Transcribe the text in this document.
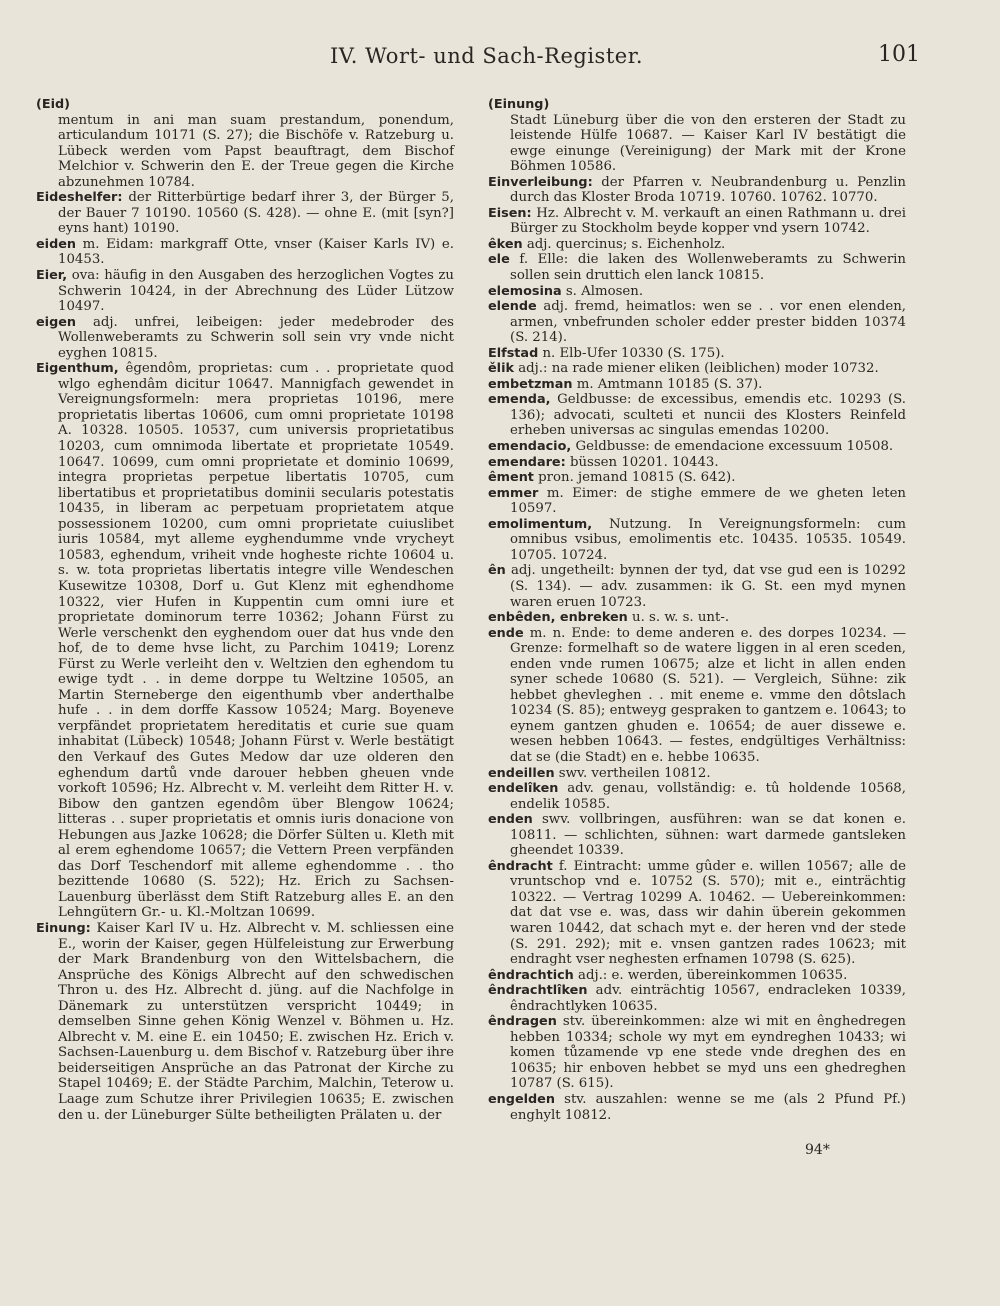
IV. Wort- und Sach-Register.	101
(Eid)

mentum in ani man suam prestandum, ponendum, articulandum 10171 (S. 27); die Bischöfe v. Ratzeburg u. Lübeck werden vom Papst beauftragt, dem Bischof Melchior v. Schwerin den E. der Treue gegen die Kirche abzunehmen 10784.

Eideshelfer: der Ritterbürtige bedarf ihrer 3, der Bürger 5, der Bauer 7 10190. 10560 (S. 428). — ohne E. (mit [syn?] eyns hant) 10190.

eiden m. Eidam: markgraff Otte, vnser (Kaiser Karls IV) e. 10453.

Eier, ova: häufig in den Ausgaben des herzoglichen Vogtes zu Schwerin 10424, in der Abrechnung des Lüder Lützow 10497.

eigen adj. unfrei, leibeigen: jeder medebroder des Wollenweberamts zu Schwerin soll sein vry vnde nicht eyghen 10815.

Eigenthum, êgendôm, proprietas: cum . . proprietate quod wlgo eghendâm dicitur 10647. Mannigfach gewendet in Vereignungsformeln: mera proprietas 10196, mere proprietatis libertas 10606, cum omni proprietate 10198 A. 10328. 10505. 10537, cum universis proprietatibus 10203, cum omnimoda libertate et proprietate 10549. 10647. 10699, cum omni proprietate et dominio 10699, integra proprietas perpetue libertatis 10705, cum libertatibus et proprietatibus dominii secularis potestatis 10435, in liberam ac perpetuam proprietatem atque possessionem 10200, cum omni proprietate cuiuslibet iuris 10584, myt alleme eyghendumme vnde vrycheyt 10583, eghendum, vriheit vnde hogheste richte 10604 u. s. w. tota proprietas libertatis integre ville Wendeschen Kusewitze 10308, Dorf u. Gut Klenz mit eghendhome 10322, vier Hufen in Kuppentin cum omni iure et proprietate dominorum terre 10362; Johann Fürst zu Werle verschenkt den eyghendom ouer dat hus vnde den hof, de to deme hvse licht, zu Parchim 10419; Lorenz Fürst zu Werle verleiht den v. Weltzien den eghendom tu ewige tydt . . in deme dorppe tu Weltzine 10505, an Martin Sterneberge den eigenthumb vber anderthalbe hufe . . in dem dorffe Kassow 10524; Marg. Boyeneve verpfändet proprietatem hereditatis et curie sue quam inhabitat (Lübeck) 10548; Johann Fürst v. Werle bestätigt den Verkauf des Gutes Medow dar uze olderen den eghendum dartů vnde darouer hebben gheuen vnde vorkoft 10596; Hz. Albrecht v. M. verleiht dem Ritter H. v. Bibow den gantzen egendôm über Blengow 10624; litteras . . super proprietatis et omnis iuris donacione von Hebungen aus Jazke 10628; die Dörfer Sülten u. Kleth mit al erem eghendome 10657; die Vettern Preen verpfänden das Dorf Teschendorf mit alleme eghendomme . . tho bezittende 10680 (S. 522); Hz. Erich zu Sachsen-Lauenburg überlässt dem Stift Ratzeburg alles E. an den Lehngütern Gr.- u. Kl.-Moltzan 10699.

Einung: Kaiser Karl IV u. Hz. Albrecht v. M. schliessen eine E., worin der Kaiser, gegen Hülfeleistung zur Erwerbung der Mark Brandenburg von den Wittelsbachern, die Ansprüche des Königs Albrecht auf den schwedischen Thron u. des Hz. Albrecht d. jüng. auf die Nachfolge in Dänemark zu unterstützen verspricht 10449; in demselben Sinne gehen König Wenzel v. Böhmen u. Hz. Albrecht v. M. eine E. ein 10450; E. zwischen Hz. Erich v. Sachsen-Lauenburg u. dem Bischof v. Ratzeburg über ihre beiderseitigen Ansprüche an das Patronat der Kirche zu Stapel 10469; E. der Städte Parchim, Malchin, Teterow u. Laage zum Schutze ihrer Privilegien 10635; E. zwischen den u. der Lüneburger Sülte betheiligten Prälaten u. der

(Einung)

Stadt Lüneburg über die von den ersteren der Stadt zu leistende Hülfe 10687. — Kaiser Karl IV bestätigt die ewge einunge (Vereinigung) der Mark mit der Krone Böhmen 10586.

Einverleibung: der Pfarren v. Neubrandenburg u. Penzlin durch das Kloster Broda 10719. 10760. 10762. 10770.

Eisen: Hz. Albrecht v. M. verkauft an einen Rathmann u. drei Bürger zu Stockholm beyde kopper vnd ysern 10742.

êken adj. quercinus; s. Eichenholz.

ele f. Elle: die laken des Wollenweberamts zu Schwerin sollen sein druttich elen lanck 10815.

elemosina s. Almosen.

elende adj. fremd, heimatlos: wen se . . vor enen elenden, armen, vnbefrunden scholer edder prester bidden 10374 (S. 214).

Elfstad n. Elb-Ufer 10330 (S. 175).

ělik adj.: na rade miener eliken (leiblichen) moder 10732.

embetzman m. Amtmann 10185 (S. 37).

emenda, Geldbusse: de excessibus, emendis etc. 10293 (S. 136); advocati, sculteti et nuncii des Klosters Reinfeld erheben universas ac singulas emendas 10200.

emendacio, Geldbusse: de emendacione excessuum 10508.

emendare: büssen 10201. 10443.

êment pron. jemand 10815 (S. 642).

emmer m. Eimer: de stighe emmere de we gheten leten 10597.

emolimentum, Nutzung. In Vereignungsformeln: cum omnibus vsibus, emolimentis etc. 10435. 10535. 10549. 10705. 10724.

ên adj. ungetheilt: bynnen der tyd, dat vse gud een is 10292 (S. 134). — adv. zusammen: ik G. St. een myd mynen waren eruen 10723.

enbêden, enbreken u. s. w. s. unt-.

ende m. n. Ende: to deme anderen e. des dorpes 10234. — Grenze: formelhaft so de watere liggen in al eren sceden, enden vnde rumen 10675; alze et licht in allen enden syner schede 10680 (S. 521). — Vergleich, Sühne: zik hebbet ghevleghen . . mit eneme e. vmme den dôtslach 10234 (S. 85); entweyg gespraken to gantzem e. 10643; to eynem gantzen ghuden e. 10654; de auer dissewe e. wesen hebben 10643. — festes, endgültiges Verhältniss: dat se (die Stadt) en e. hebbe 10635.

endeillen swv. vertheilen 10812.

endelîken adv. genau, vollständig: e. tû holdende 10568, endelik 10585.

enden swv. vollbringen, ausführen: wan se dat konen e. 10811. — schlichten, sühnen: wart darmede gantsleken gheendet 10339.

êndracht f. Eintracht: umme gûder e. willen 10567; alle de vruntschop vnd e. 10752 (S. 570); mit e., einträchtig 10322. — Vertrag 10299 A. 10462. — Uebereinkommen: dat dat vse e. was, dass wir dahin überein gekommen waren 10442, dat schach myt e. der heren vnd der stede (S. 291. 292); mit e. vnsen gantzen rades 10623; mit endraght vser neghesten erfnamen 10798 (S. 625).

êndrachtich adj.: e. werden, übereinkommen 10635.

êndrachtlîken adv. einträchtig 10567, endracleken 10339, êndrachtlyken 10635.

êndragen stv. übereinkommen: alze wi mit en ênghedregen hebben 10334; schole wy myt em eyndreghen 10433; wi komen tůzamende vp ene stede vnde dreghen des en 10635; hir enboven hebbet se myd uns een ghedreghen 10787 (S. 615).

engelden stv. auszahlen: wenne se me (als 2 Pfund Pf.) enghylt 10812.

94*
